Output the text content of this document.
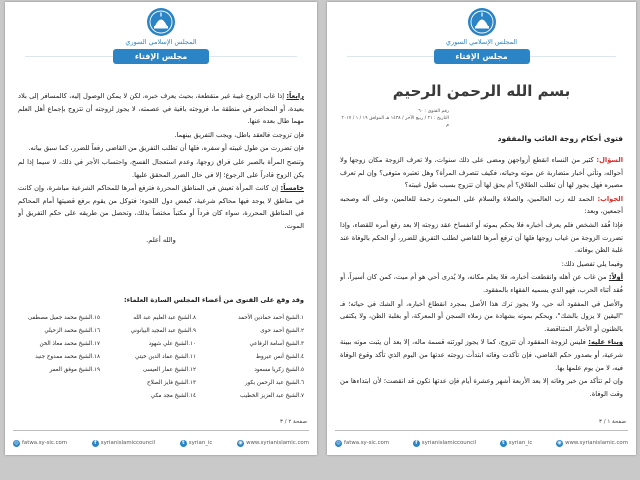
المجلس الإسلامي السوري
مجلس الإفتاء

رابعاً: إذا غاب الزوج غيبة غير منقطعة، بحيث يعرف خبره، لكن لا يمكن الوصول إليه، كالمسافر إلى بلاد بعيدة، أو المحاصر في منطقة ما، فزوجته باقية في عصمته، لا يجوز لزوجته أن تتزوج بإجماع أهل العلم مهما طال بعده عنها.

فإن تزوجت فالعقد باطل، ويجب التفريق بينهما.

فإن تضررت من طول غيبته أو سفره، فلها أن تطلب التفريق من القاضي رفعاً للضرر، كما سبق بيانه.

وتنصح المرأة بالصبر على فراق زوجها، وعدم استعجال الفسخ، واحتساب الأجر في ذلك، لا سيما إذا لم يكن الزوج قادراً على الرجوع؛ إلا في حال الضرر المحقق عليها.

خامساً: إن كانت المرأة تعيش في المناطق المحررة فترفع أمرها للمحاكم الشرعية مباشرة، وإن كانت في مناطق لا يوجد فيها محاكم شرعية، كبعض دول اللجوء: فتوكل من يقوم برفع قضيتها أمام المحاكم في المناطق المحررة، سواء كان فرداً أو مكتباً مختصاً بذلك، وتحصل من طريقه على حكم التفريق أو الموت.

والله أعلم.

وقد وقع على الفتوى من أعضاء المجلس السادة العلماء:
١.الشيخ أحمد حمادين الأحمد
٢.الشيخ أحمد حوى
٣.الشيخ أسامة الرفاعي
٤.الشيخ أنس عيروط
٥.الشيخ زكريا مسعود
٦.الشيخ عبد الرحمن بكور
٧.الشيخ عبد العزيز الخطيب
٨.الشيخ عبد العليم عبد الله
٩.الشيخ عبد المجيد البيانوني
١٠.الشيخ علي شهود
١١.الشيخ عماد الدين خيتي
١٢.الشيخ عمار العيسى
١٣.الشيخ فايز الصلاح
١٤.الشيخ مجد مكي
١٥.الشيخ محمد جميل مصطفى
١٦.الشيخ محمد الزحيلي
١٧.الشيخ محمد معاذ الخن
١٨.الشيخ محمد ممدوح جنيد
١٩.الشيخ موفق العمر
صفحة ٢ / ٣
◎ fatwa.sy-sic.com	f syrianislamiccouncil	t syrian_ic	◉ www.syrianislamic.com
المجلس الإسلامي السوري
مجلس الإفتاء
بسم الله الرحمن الرحيم
رقم الفتوى : ٦٠
التاريخ : ٢١ / ربيع الآخر / ١٤٣٨ هـ الموافق ١٩ / ١ / ٢٠١٧ م
فتوى أحكام زوجة الغائب والمفقود

السؤال: كثير من النساء انقطع أزواجهن ومضى على ذلك سنوات، ولا تعرف الزوجة مكان زوجها ولا أحواله، وتأتي أخبار متضاربة عن موته وحياته، فكيف تتصرف المرأة؟ وهل تعتبره متوفى؟ وإن لم تعرف مصيره فهل يجوز لها أن تطلب الطلاق؟ أم يحق لها أن تتزوج بسبب طول غيبته؟

الجواب: الحمد لله رب العالمين، والصلاة والسلام على المبعوث رحمة للعالمين، وعلى آله وصحبه أجمعين، وبعد:

فإذا فُقد الشخص فلم يعرف أخباره فلا يحكم بموته أو انفساخ عقد زوجته إلا بعد رفع أمره للقضاء، وإذا تضررت الزوجة من غياب زوجها فلها أن ترفع أمرها للقاضي لطلب التفريق للضرر، أو الحكم بالوفاة عند غلبة الظن بوفاته.

وفيما يلي تفصيل ذلك:

أولاً: من غاب عن أهله وانقطعت أخباره، فلا يعلم مكانه، ولا يُدرى أحي هو أم ميت، كمن كان أسيراً، أو فُقد أثناء الحرب، فهو الذي يسميه الفقهاء بالمفقود.

والأصل في المفقود أنه حي، ولا يجوز ترك هذا الأصل بمجرد انقطاع أخباره، أو الشك في حياته؛ فـ "اليقين لا يزول بالشك"، ويحكم بموته بشهادة من زملاء السجن أو المعركة، أو بغلبة الظن، ولا يكتفى بالظنون أو الأخبار المتناقضة.

وبناء عليه: فليس لزوجة المفقود أن تتزوج، كما لا يجوز لورثته قسمة ماله، إلا بعد أن يثبت موته ببينة شرعية، أو بصدور حكم القاضي، فإن تأكدت وفاته ابتدأت زوجته عدتها من اليوم الذي تأكد وقوع الوفاة فيه، لا من يوم علمها بها.

وإن لم تتأكد من خبر وفاته إلا بعد الأربعة أشهر وعشرة أيام فإن عدتها تكون قد انقضت؛ لأن ابتداءها من وقت الوفاة.

صفحة ١ / ٣
◎ fatwa.sy-sic.com	f syrianislamiccouncil	t syrian_ic	◉ www.syrianislamic.com
